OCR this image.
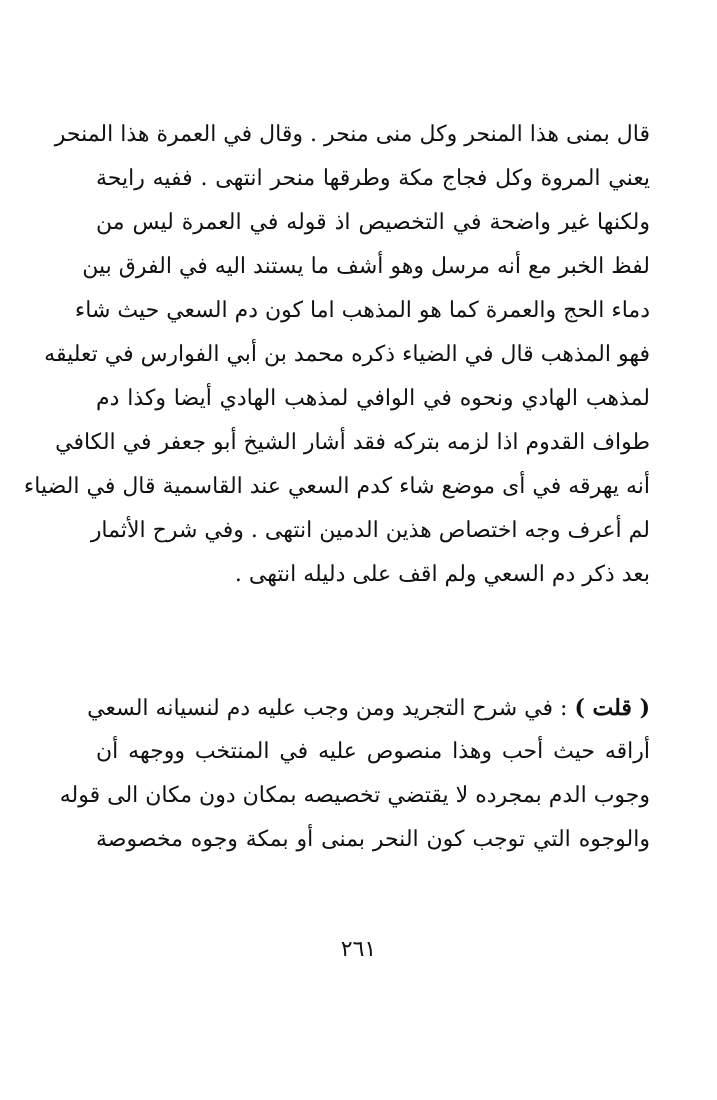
قال بمنى هذا المنحر وكل منى منحر . وقال في العمرة هذا المنحر
يعني المروة وكل فجاج مكة وطرقها منحر انتهى . ففيه رايحة
ولكنها غير واضحة في التخصيص اذ قوله في العمرة ليس من
لفظ الخبر مع أنه مرسل وهو أشف ما يستند اليه في الفرق بين
دماء الحج والعمرة كما هو المذهب اما كون دم السعي حيث شاء
فهو المذهب قال في الضياء ذكره محمد بن أبي الفوارس في تعليقه
لمذهب الهادي ونحوه في الوافي لمذهب الهادي أيضا وكذا دم
طواف القدوم اذا لزمه بتركه فقد أشار الشيخ أبو جعفر في الكافي
أنه يهرقه في أى موضع شاء كدم السعي عند القاسمية قال في الضياء
لم أعرف وجه اختصاص هذين الدمين انتهى . وفي شرح الأثمار
بعد ذكر دم السعي ولم اقف على دليله انتهى .
( قلت ) : في شرح التجريد ومن وجب عليه دم لنسيانه السعي
أراقه حيث أحب وهذا منصوص عليه في المنتخب ووجهه أن
وجوب الدم بمجرده لا يقتضي تخصيصه بمكان دون مكان الى قوله
والوجوه التي توجب كون النحر بمنى أو بمكة وجوه مخصوصة
٢٦١
